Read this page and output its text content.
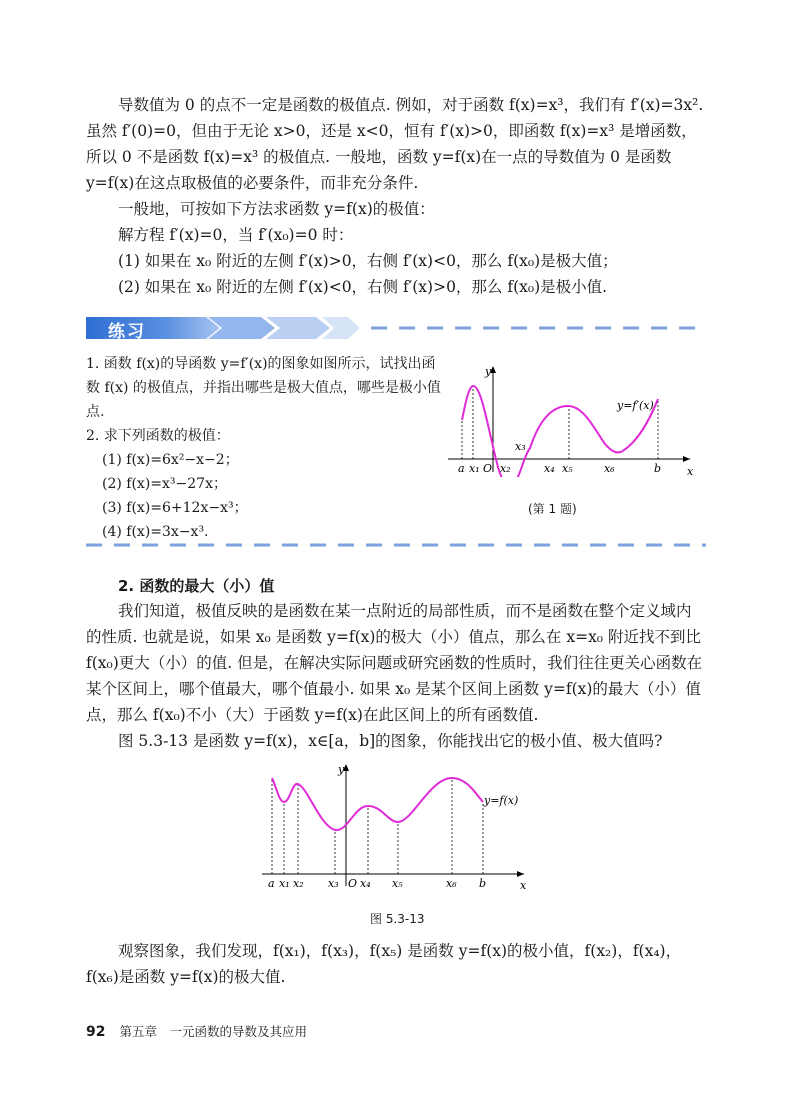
导数值为 0 的点不一定是函数的极值点. 例如，对于函数 f(x)=x³，我们有 f′(x)=3x². 虽然 f′(0)=0，但由于无论 x>0，还是 x<0，恒有 f′(x)>0，即函数 f(x)=x³ 是增函数，所以 0 不是函数 f(x)=x³ 的极值点. 一般地，函数 y=f(x)在一点的导数值为 0 是函数 y=f(x)在这点取极值的必要条件，而非充分条件.

一般地，可按如下方法求函数 y=f(x)的极值：

解方程 f′(x)=0，当 f′(x₀)=0 时：

(1) 如果在 x₀ 附近的左侧 f′(x)>0，右侧 f′(x)<0，那么 f(x₀)是极大值；

(2) 如果在 x₀ 附近的左侧 f′(x)<0，右侧 f′(x)>0，那么 f(x₀)是极小值.

练习

1. 函数 f(x)的导函数 y=f′(x)的图象如图所示，试找出函数 f(x) 的极值点，并指出哪些是极大值点，哪些是极小值点.

2. 求下列函数的极值：

(1) f(x)=6x²−x−2；

(2) f(x)=x³−27x；

(3) f(x)=6+12x−x³；

(4) f(x)=3x−x³.

y=f′(x)
y
x
O
a x₁ x₂
x₃
x₄ x₅	x₆	b
(第 1 题)
2. 函数的最大（小）值

我们知道，极值反映的是函数在某一点附近的局部性质，而不是函数在整个定义域内的性质. 也就是说，如果 x₀ 是函数 y=f(x)的极大（小）值点，那么在 x=x₀ 附近找不到比 f(x₀)更大（小）的值. 但是，在解决实际问题或研究函数的性质时，我们往往更关心函数在某个区间上，哪个值最大，哪个值最小. 如果 x₀ 是某个区间上函数 y=f(x)的最大（小）值点，那么 f(x₀)不小（大）于函数 y=f(x)在此区间上的所有函数值.

图 5.3-13 是函数 y=f(x)，x∈[a，b]的图象，你能找出它的极小值、极大值吗?

y=f(x)
y
x
O
a x₁ x₂ x₃ x₄ x₅	x₆ b
图 5.3-13

观察图象，我们发现，f(x₁)，f(x₃)，f(x₅) 是函数 y=f(x)的极小值，f(x₂)，f(x₄)，f(x₆)是函数 y=f(x)的极大值.

92 第五章　一元函数的导数及其应用
